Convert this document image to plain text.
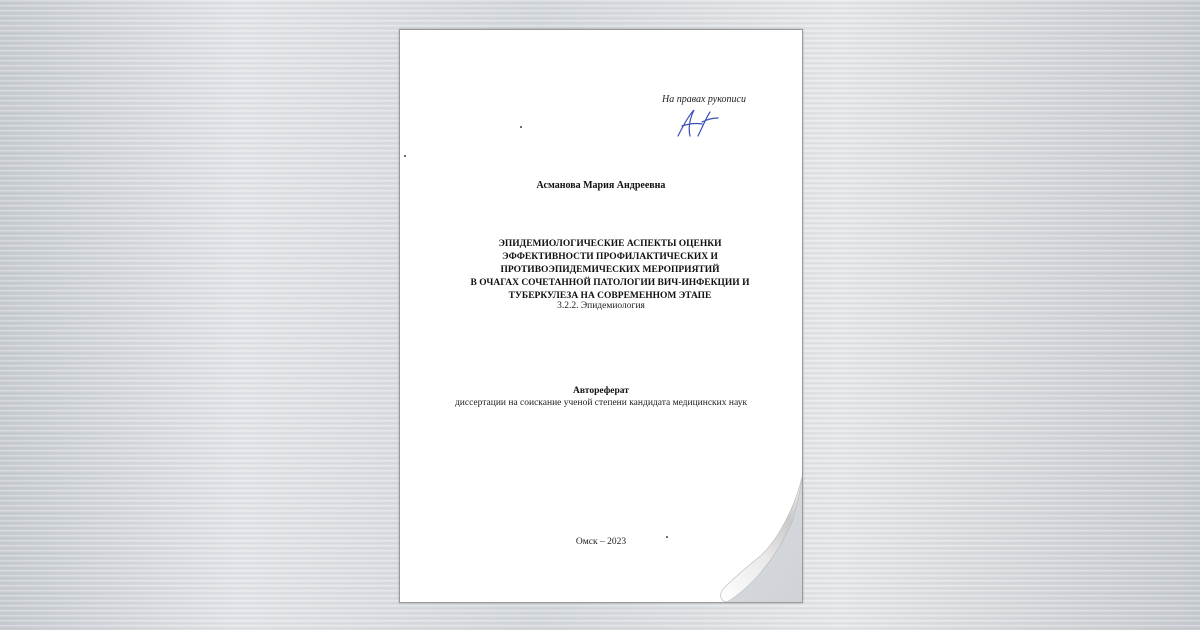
На правах рукописи
Асманова Мария Андреевна
ЭПИДЕМИОЛОГИЧЕСКИЕ АСПЕКТЫ ОЦЕНКИ
ЭФФЕКТИВНОСТИ ПРОФИЛАКТИЧЕСКИХ И
ПРОТИВОЭПИДЕМИЧЕСКИХ МЕРОПРИЯТИЙ
В ОЧАГАХ СОЧЕТАННОЙ ПАТОЛОГИИ ВИЧ-ИНФЕКЦИИ И
ТУБЕРКУЛЕЗА НА СОВРЕМЕННОМ ЭТАПЕ
3.2.2. Эпидемиология
Автореферат
диссертации на соискание ученой степени кандидата медицинских наук
Омск – 2023
